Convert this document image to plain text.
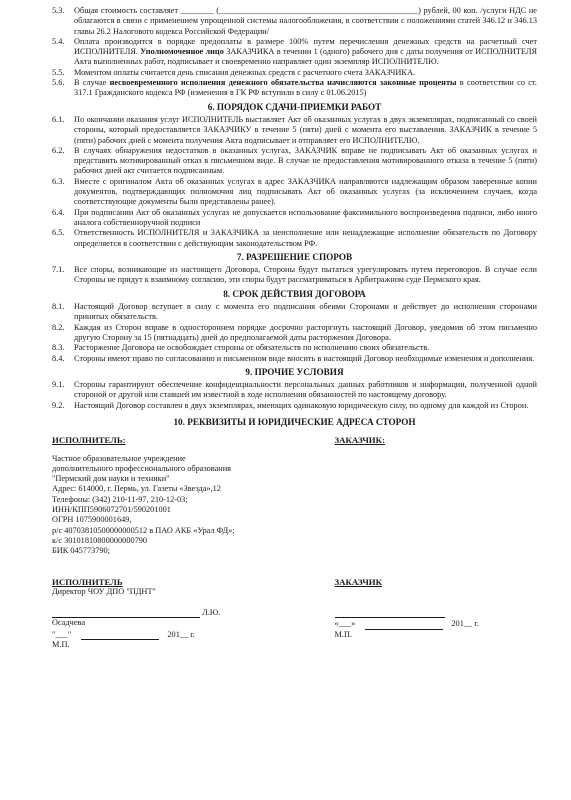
5.3.	Общая стоимость составляет ________ (________________________________________________) рублей, 00 коп. /услуги НДС не облагаются в связи с применением упрощенной системы налогообложения, в соответствии с положениями статей 346.12 и 346.13 главы 26.2 Налогового кодекса Российской Федерации/
5.4.	Оплата производится в порядке предоплаты в размере 100% путем перечисления денежных средств на расчетный счет ИСПОЛНИТЕЛЯ. Уполномоченное лицо ЗАКАЗЧИКА в течении 1 (одного) рабочего дня с даты получения от ИСПОЛНИТЕЛЯ Акта выполненных работ, подписывает и своевременно направляет один экземпляр ИСПОЛНИТЕЛЮ.
5.5.	Моментом оплаты считается день списания денежных средств с расчетного счета ЗАКАЗЧИКА.
5.6.	В случае несвоевременного исполнения денежного обязательства начисляются законные проценты в соответствии со ст. 317.1 Гражданского кодекса РФ (изменения в ГК РФ вступили в силу с 01.06.2015)
6. ПОРЯДОК СДАЧИ-ПРИЕМКИ РАБОТ
6.1.	По окончании оказания услуг ИСПОЛНИТЕЛЬ выставляет Акт об оказанных услугах в двух экземплярах, подписанный со своей стороны, который предоставляется ЗАКАЗЧИКУ в течение 5 (пяти) дней с момента его выставления. ЗАКАЗЧИК в течение 5 (пяти) рабочих дней с момента получения Акта подписывает и отправляет его ИСПОЛНИТЕЛЮ.
6.2.	В случаях обнаружения недостатков в оказанных услугах, ЗАКАЗЧИК вправе не подписывать Акт об оказанных услугах и представить мотивированный отказ в письменном виде. В случае не предоставления мотивированного отказа в течение 5 (пяти) рабочих дней акт считается подписанным.
6.3.	Вместе с оригиналом Акта об оказанных услугах в адрес ЗАКАЗЧИКА направляются надлежащим образом заверенные копии документов, подтверждающих полномочия лиц подписывать Акт об оказанных услугах (за исключением случаев, когда соответствующие документы были представлены ранее).
6.4.	При подписании Акт об оказанных услугах не допускается использование факсимильного воспроизведения подписи, либо иного аналога собственноручной подписи
6.5.	Ответственность ИСПОЛНИТЕЛЯ и ЗАКАЗЧИКА за неисполнение или ненадлежащие исполнение обязательств по Договору определяется в соответствии с действующим законодательством РФ.
7. РАЗРЕШЕНИЕ СПОРОВ
7.1.	Все споры, возникающие из настоящего Договора, Стороны будут пытаться урегулировать путем переговоров. В случае если Стороны не придут к взаимному согласию, эти споры будут рассматриваться в Арбитражном суде Пермского края.
8. СРОК ДЕЙСТВИЯ ДОГОВОРА
8.1.	Настоящий Договор вступает в силу с момента его подписания обеими Сторонами и действует до исполнения сторонами принятых обязательств.
8.2.	Каждая из Сторон вправе в одностороннем порядке досрочно расторгнуть настоящий Договор, уведомив об этом письменно другую Сторону за 15 (пятнадцать) дней до предполагаемой даты расторжения Договора.
8.3.	Расторжение Договора не освобождает стороны от обязательств по исполнению своих обязательств.
8.4.	Стороны имеют право по согласованию и письменном виде вносить в настоящий Договор необходимые изменения и дополнения.
9. ПРОЧИЕ УСЛОВИЯ
9.1.	Стороны гарантируют обеспечение конфиденциальности персональных данных работников и информации, полученной одной стороной от другой или ставшей им известной в ходе исполнения обязанностей по настоящему договору.
9.2.	Настоящий Договор составлен в двух экземплярах, имеющих одинаковую юридическую силу, по одному для каждой из Сторон.
10. РЕКВИЗИТЫ И ЮРИДИЧЕСКИЕ АДРЕСА СТОРОН
ИСПОЛНИТЕЛЬ:
Частное образовательное учреждение
дополнительного профессионального образования
"Пермский дом науки и техники"
Адрес: 614000, г. Пермь, ул. Газеты «Звезда»,12
Телефоны: (342) 210-11-97, 210-12-03;
ИНН/КПП5906072701/590201001
ОГРН 1075900001649,
р/с 40703810500000000512 в ПАО АКБ «Урал ФД»;
к/с 30101810800000000790
БИК 045773790;
ЗАКАЗЧИК:
ИСПОЛНИТЕЛЬ
Директор ЧОУ ДПО "ПДНТ"
Л.Ю. Осадчева
"___"	201__ г.
М.П.
ЗАКАЗЧИК
«___»	201__ г.
М.П.
